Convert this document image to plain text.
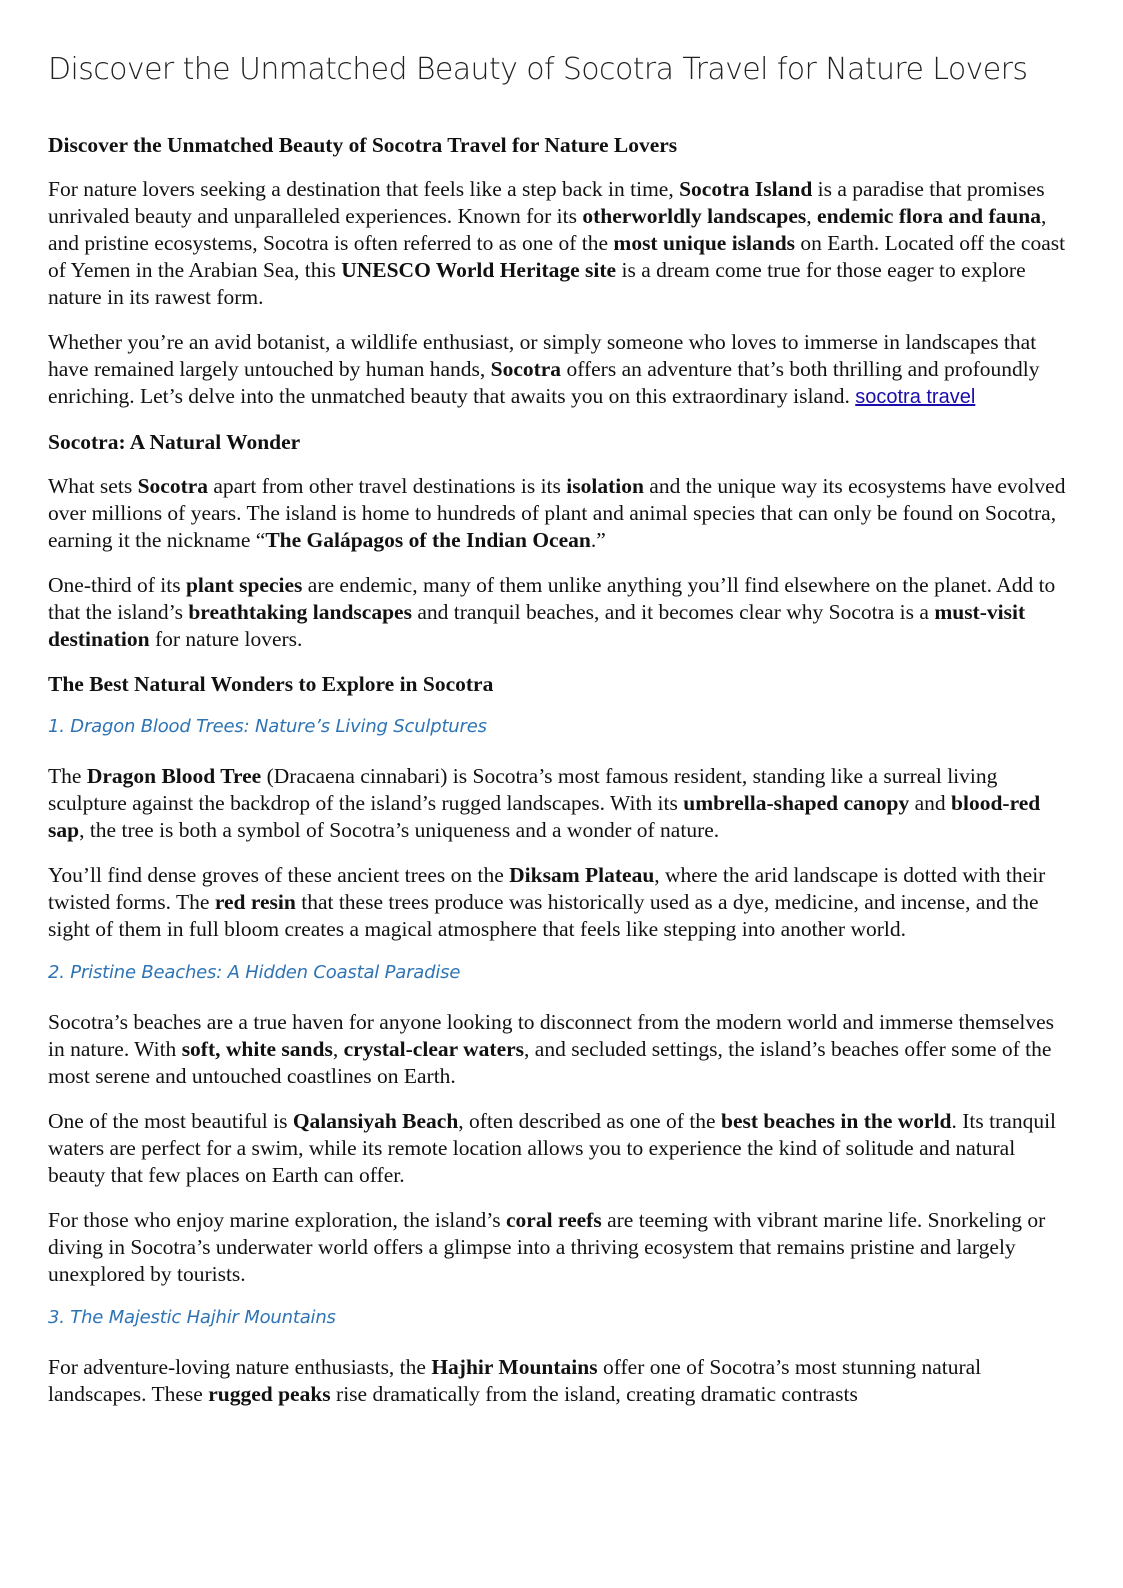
Discover the Unmatched Beauty of Socotra Travel for Nature Lovers
Discover the Unmatched Beauty of Socotra Travel for Nature Lovers

For nature lovers seeking a destination that feels like a step back in time, Socotra Island is a paradise that promises unrivaled beauty and unparalleled experiences. Known for its otherworldly landscapes, endemic flora and fauna, and pristine ecosystems, Socotra is often referred to as one of the most unique islands on Earth. Located off the coast of Yemen in the Arabian Sea, this UNESCO World Heritage site is a dream come true for those eager to explore nature in its rawest form.

Whether you’re an avid botanist, a wildlife enthusiast, or simply someone who loves to immerse in landscapes that have remained largely untouched by human hands, Socotra offers an adventure that’s both thrilling and profoundly enriching. Let’s delve into the unmatched beauty that awaits you on this extraordinary island. socotra travel

Socotra: A Natural Wonder

What sets Socotra apart from other travel destinations is its isolation and the unique way its ecosystems have evolved over millions of years. The island is home to hundreds of plant and animal species that can only be found on Socotra, earning it the nickname “The Galápagos of the Indian Ocean.”

One-third of its plant species are endemic, many of them unlike anything you’ll find elsewhere on the planet. Add to that the island’s breathtaking landscapes and tranquil beaches, and it becomes clear why Socotra is a must-visit destination for nature lovers.

The Best Natural Wonders to Explore in Socotra
1. Dragon Blood Trees: Nature’s Living Sculptures

The Dragon Blood Tree (Dracaena cinnabari) is Socotra’s most famous resident, standing like a surreal living sculpture against the backdrop of the island’s rugged landscapes. With its umbrella-shaped canopy and blood-red sap, the tree is both a symbol of Socotra’s uniqueness and a wonder of nature.

You’ll find dense groves of these ancient trees on the Diksam Plateau, where the arid landscape is dotted with their twisted forms. The red resin that these trees produce was historically used as a dye, medicine, and incense, and the sight of them in full bloom creates a magical atmosphere that feels like stepping into another world.

2. Pristine Beaches: A Hidden Coastal Paradise

Socotra’s beaches are a true haven for anyone looking to disconnect from the modern world and immerse themselves in nature. With soft, white sands, crystal-clear waters, and secluded settings, the island’s beaches offer some of the most serene and untouched coastlines on Earth.

One of the most beautiful is Qalansiyah Beach, often described as one of the best beaches in the world. Its tranquil waters are perfect for a swim, while its remote location allows you to experience the kind of solitude and natural beauty that few places on Earth can offer.

For those who enjoy marine exploration, the island’s coral reefs are teeming with vibrant marine life. Snorkeling or diving in Socotra’s underwater world offers a glimpse into a thriving ecosystem that remains pristine and largely unexplored by tourists.

3. The Majestic Hajhir Mountains

For adventure-loving nature enthusiasts, the Hajhir Mountains offer one of Socotra’s most stunning natural landscapes. These rugged peaks rise dramatically from the island, creating dramatic contrasts
